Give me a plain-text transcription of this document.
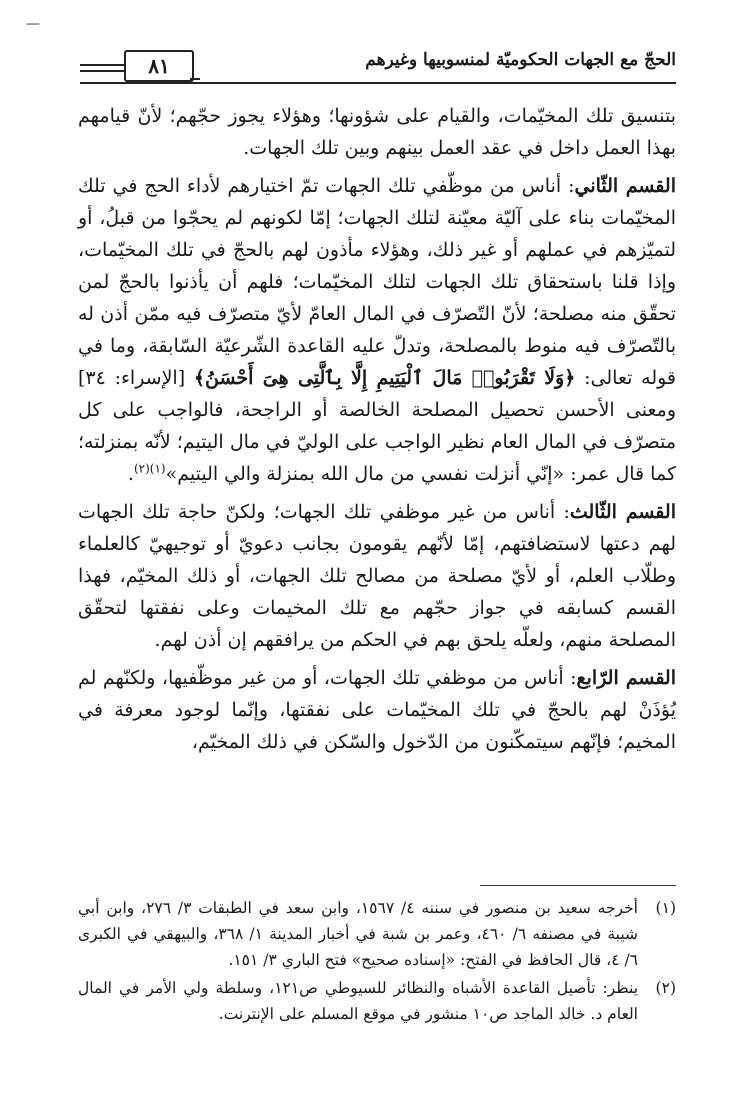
—
الحجّ مع الجهات الحكوميّة لمنسوبيها وغيرهم
٨١

بتنسيق تلك المخيّمات، والقيام على شؤونها؛ وهؤلاء يجوز حجّهم؛ لأنّ قيامهم بهذا العمل داخل في عقد العمل بينهم وبين تلك الجهات.

القسم الثّاني: أناس من موظّفي تلك الجهات تمّ اختيارهم لأداء الحج في تلك المخيّمات بناء على آليّة معيّنة لتلك الجهات؛ إمّا لكونهم لم يحجّوا من قبلُ، أو لتميّزهم في عملهم أو غير ذلك، وهؤلاء مأذون لهم بالحجّ في تلك المخيّمات، وإذا قلنا باستحقاق تلك الجهات لتلك المخيّمات؛ فلهم أن يأذنوا بالحجّ لمن تحقّق منه مصلحة؛ لأنّ التّصرّف في المال العامّ لأيّ متصرّف فيه ممّن أذن له بالتّصرّف فيه منوط بالمصلحة، وتدلّ عليه القاعدة الشّرعيّة السّابقة، وما في قوله تعالى: ﴿وَلَا تَقْرَبُوا۟ مَالَ ٱلْيَتِيمِ إِلَّا بِٱلَّتِى هِىَ أَحْسَنُ﴾ [الإسراء: ٣٤] ومعنى الأحسن تحصيل المصلحة الخالصة أو الراجحة، فالواجب على كل متصرّف في المال العام نظير الواجب على الوليّ في مال اليتيم؛ لأنّه بمنزلته؛ كما قال عمر: «إنّي أنزلت نفسي من مال الله بمنزلة والي اليتيم»$^{(١)(٢)}$.

القسم الثّالث: أناس من غير موظفي تلك الجهات؛ ولكنّ حاجة تلك الجهات لهم دعتها لاستضافتهم، إمّا لأنّهم يقومون بجانب دعويّ أو توجيهيّ كالعلماء وطلّاب العلم، أو لأيّ مصلحة من مصالح تلك الجهات، أو ذلك المخيّم، فهذا القسم كسابقه في جواز حجّهم مع تلك المخيمات وعلى نفقتها لتحقّق المصلحة منهم، ولعلّه يلحق بهم في الحكم من يرافقهم إن أذن لهم.

القسم الرّابع: أناس من موظفي تلك الجهات، أو من غير موظّفيها، ولكنّهم لم يُؤذَنْ لهم بالحجّ في تلك المخيّمات على نفقتها، وإنّما لوجود معرفة في المخيم؛ فإنّهم سيتمكّنون من الدّخول والسّكن في ذلك المخيّم،

(١)
أخرجه سعيد بن منصور في سننه ٤/ ١٥٦٧، وابن سعد في الطبقات ٣/ ٢٧٦، وابن أبي شيبة في مصنفه ٦/ ٤٦٠، وعمر بن شبة في أخبار المدينة ١/ ٣٦٨، والبيهقي في الكبرى ٦/ ٤، قال الحافظ في الفتح: «إسناده صحيح» فتح الباري ٣/ ١٥١.
(٢)
ينظر: تأصيل القاعدة الأشباه والنظائر للسيوطي ص١٢١، وسلطة ولي الأمر في المال العام د. خالد الماجد ص١٠ منشور في موقع المسلم على الإنترنت.
